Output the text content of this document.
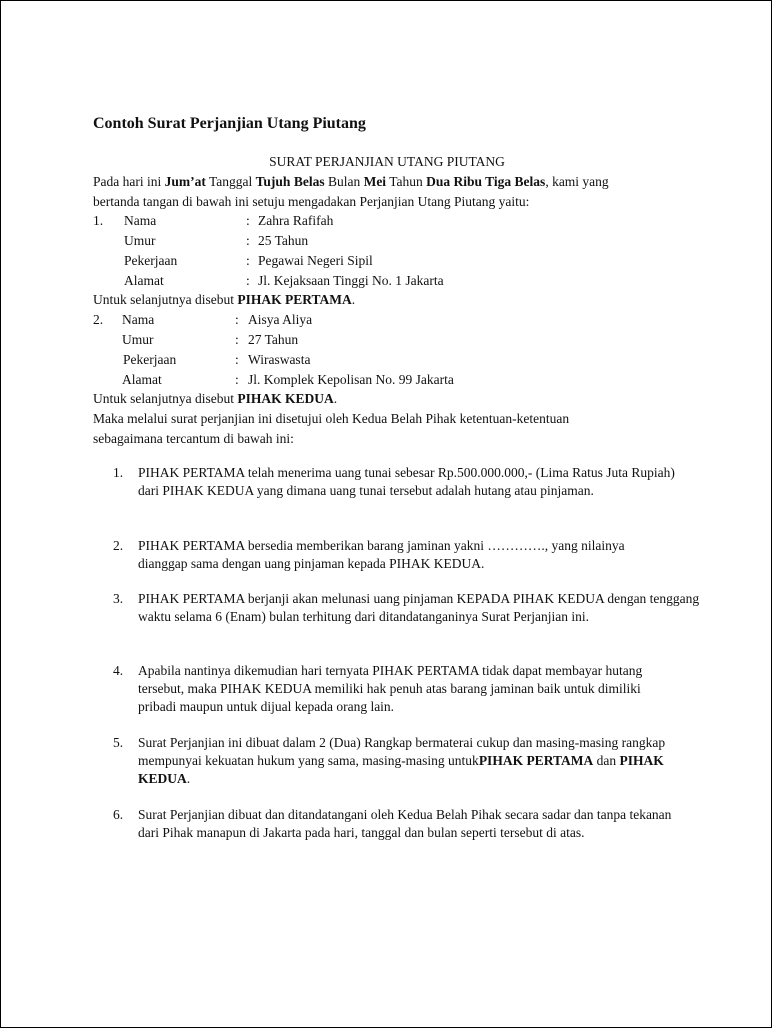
Contoh Surat Perjanjian Utang Piutang
SURAT PERJANJIAN UTANG PIUTANG
Pada hari ini Jum’at Tanggal Tujuh Belas Bulan Mei Tahun Dua Ribu Tiga Belas, kami yang
bertanda tangan di bawah ini setuju mengadakan Perjanjian Utang Piutang yaitu:
1. Nama	: Zahra Rafifah
Umur	: 25 Tahun
Pekerjaan	: Pegawai Negeri Sipil
Alamat	: Jl. Kejaksaan Tinggi No. 1 Jakarta
Untuk selanjutnya disebut PIHAK PERTAMA.
2. Nama	: Aisya Aliya
Umur	: 27 Tahun
Pekerjaan	: Wiraswasta
Alamat	: Jl. Komplek Kepolisan No. 99 Jakarta
Untuk selanjutnya disebut PIHAK KEDUA.
Maka melalui surat perjanjian ini disetujui oleh Kedua Belah Pihak ketentuan-ketentuan
sebagaimana tercantum di bawah ini:
1. PIHAK PERTAMA telah menerima uang tunai sebesar Rp.500.000.000,- (Lima Ratus Juta Rupiah) dari PIHAK KEDUA yang dimana uang tunai tersebut adalah hutang atau pinjaman.
2. PIHAK PERTAMA bersedia memberikan barang jaminan yakni …………., yang nilainya dianggap sama dengan uang pinjaman kepada PIHAK KEDUA.
3. PIHAK PERTAMA berjanji akan melunasi uang pinjaman KEPADA PIHAK KEDUA dengan tenggang waktu selama 6 (Enam) bulan terhitung dari ditandatanganinya Surat Perjanjian ini.
4. Apabila nantinya dikemudian hari ternyata PIHAK PERTAMA tidak dapat membayar hutang tersebut, maka PIHAK KEDUA memiliki hak penuh atas barang jaminan baik untuk dimiliki pribadi maupun untuk dijual kepada orang lain.
5. Surat Perjanjian ini dibuat dalam 2 (Dua) Rangkap bermaterai cukup dan masing-masing rangkap mempunyai kekuatan hukum yang sama, masing-masing untukPIHAK PERTAMA dan PIHAK KEDUA.
6. Surat Perjanjian dibuat dan ditandatangani oleh Kedua Belah Pihak secara sadar dan tanpa tekanan dari Pihak manapun di Jakarta pada hari, tanggal dan bulan seperti tersebut di atas.
